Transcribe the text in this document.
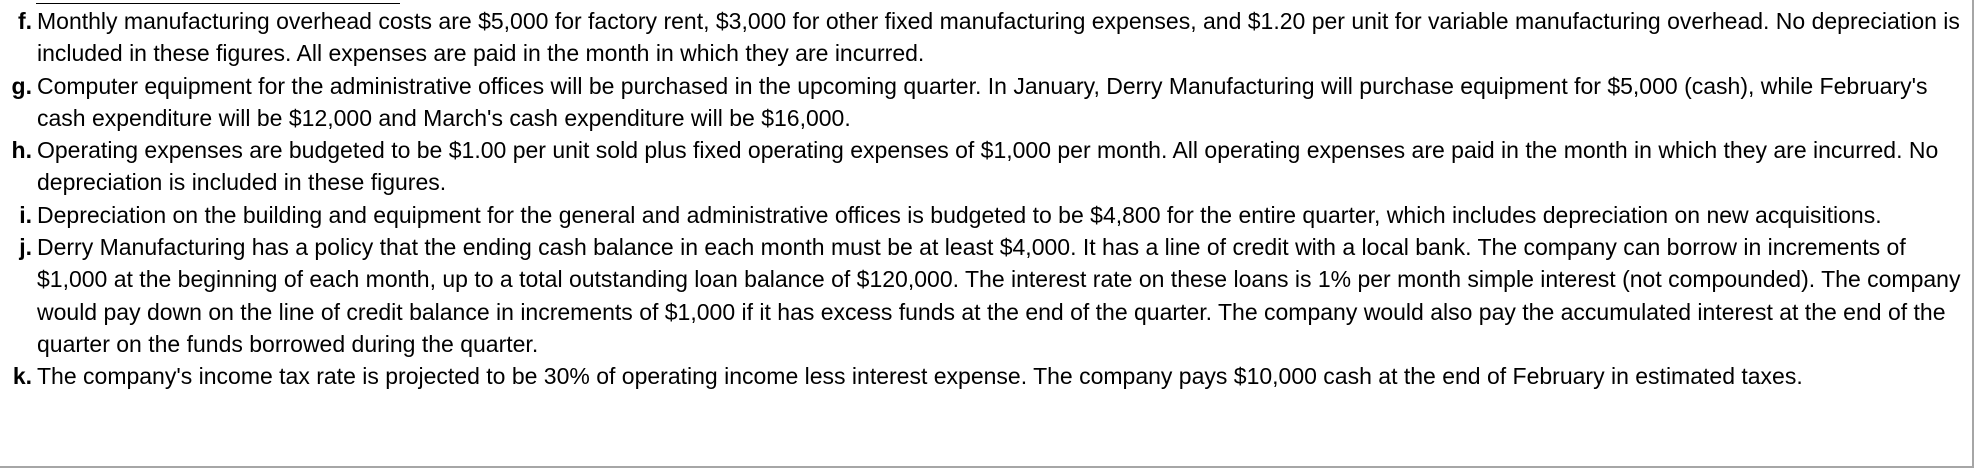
f. Monthly manufacturing overhead costs are $5,000 for factory rent, $3,000 for other fixed manufacturing expenses, and $1.20 per unit for variable manufacturing overhead. No depreciation is included in these figures. All expenses are paid in the month in which they are incurred.
g. Computer equipment for the administrative offices will be purchased in the upcoming quarter. In January, Derry Manufacturing will purchase equipment for $5,000 (cash), while February's cash expenditure will be $12,000 and March's cash expenditure will be $16,000.
h. Operating expenses are budgeted to be $1.00 per unit sold plus fixed operating expenses of $1,000 per month. All operating expenses are paid in the month in which they are incurred. No depreciation is included in these figures.
i. Depreciation on the building and equipment for the general and administrative offices is budgeted to be $4,800 for the entire quarter, which includes depreciation on new acquisitions.
j. Derry Manufacturing has a policy that the ending cash balance in each month must be at least $4,000. It has a line of credit with a local bank. The company can borrow in increments of $1,000 at the beginning of each month, up to a total outstanding loan balance of $120,000. The interest rate on these loans is 1% per month simple interest (not compounded). The company would pay down on the line of credit balance in increments of $1,000 if it has excess funds at the end of the quarter. The company would also pay the accumulated interest at the end of the quarter on the funds borrowed during the quarter.
k. The company's income tax rate is projected to be 30% of operating income less interest expense. The company pays $10,000 cash at the end of February in estimated taxes.
